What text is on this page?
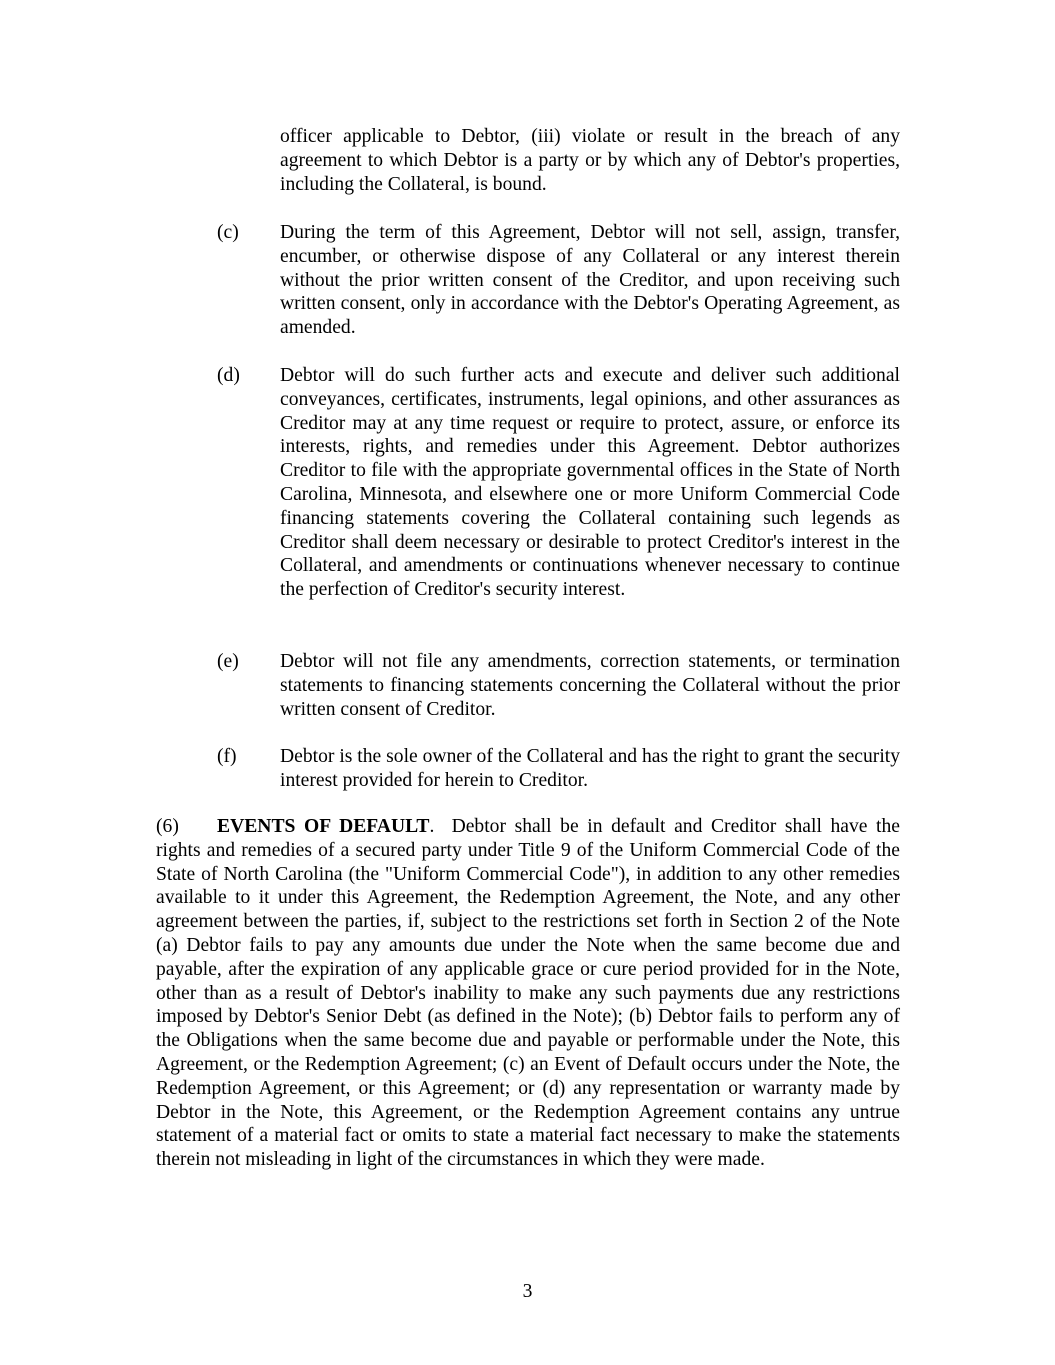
officer applicable to Debtor, (iii) violate or result in the breach of any agreement to which Debtor is a party or by which any of Debtor's properties, including the Collateral, is bound.

(c) During the term of this Agreement, Debtor will not sell, assign, transfer, encumber, or otherwise dispose of any Collateral or any interest therein without the prior written consent of the Creditor, and upon receiving such written consent, only in accordance with the Debtor's Operating Agreement, as amended.

(d) Debtor will do such further acts and execute and deliver such additional conveyances, certificates, instruments, legal opinions, and other assurances as Creditor may at any time request or require to protect, assure, or enforce its interests, rights, and remedies under this Agreement. Debtor authorizes Creditor to file with the appropriate governmental offices in the State of North Carolina, Minnesota, and elsewhere one or more Uniform Commercial Code financing statements covering the Collateral containing such legends as Creditor shall deem necessary or desirable to protect Creditor's interest in the Collateral, and amendments or continuations whenever necessary to continue the perfection of Creditor's security interest.

(e) Debtor will not file any amendments, correction statements, or termination statements to financing statements concerning the Collateral without the prior written consent of Creditor.

(f) Debtor is the sole owner of the Collateral and has the right to grant the security interest provided for herein to Creditor.

(6) EVENTS OF DEFAULT. Debtor shall be in default and Creditor shall have the rights and remedies of a secured party under Title 9 of the Uniform Commercial Code of the State of North Carolina (the "Uniform Commercial Code"), in addition to any other remedies available to it under this Agreement, the Redemption Agreement, the Note, and any other agreement between the parties, if, subject to the restrictions set forth in Section 2 of the Note (a) Debtor fails to pay any amounts due under the Note when the same become due and payable, after the expiration of any applicable grace or cure period provided for in the Note, other than as a result of Debtor's inability to make any such payments due any restrictions imposed by Debtor's Senior Debt (as defined in the Note); (b) Debtor fails to perform any of the Obligations when the same become due and payable or performable under the Note, this Agreement, or the Redemption Agreement; (c) an Event of Default occurs under the Note, the Redemption Agreement, or this Agreement; or (d) any representation or warranty made by Debtor in the Note, this Agreement, or the Redemption Agreement contains any untrue statement of a material fact or omits to state a material fact necessary to make the statements therein not misleading in light of the circumstances in which they were made.

3
